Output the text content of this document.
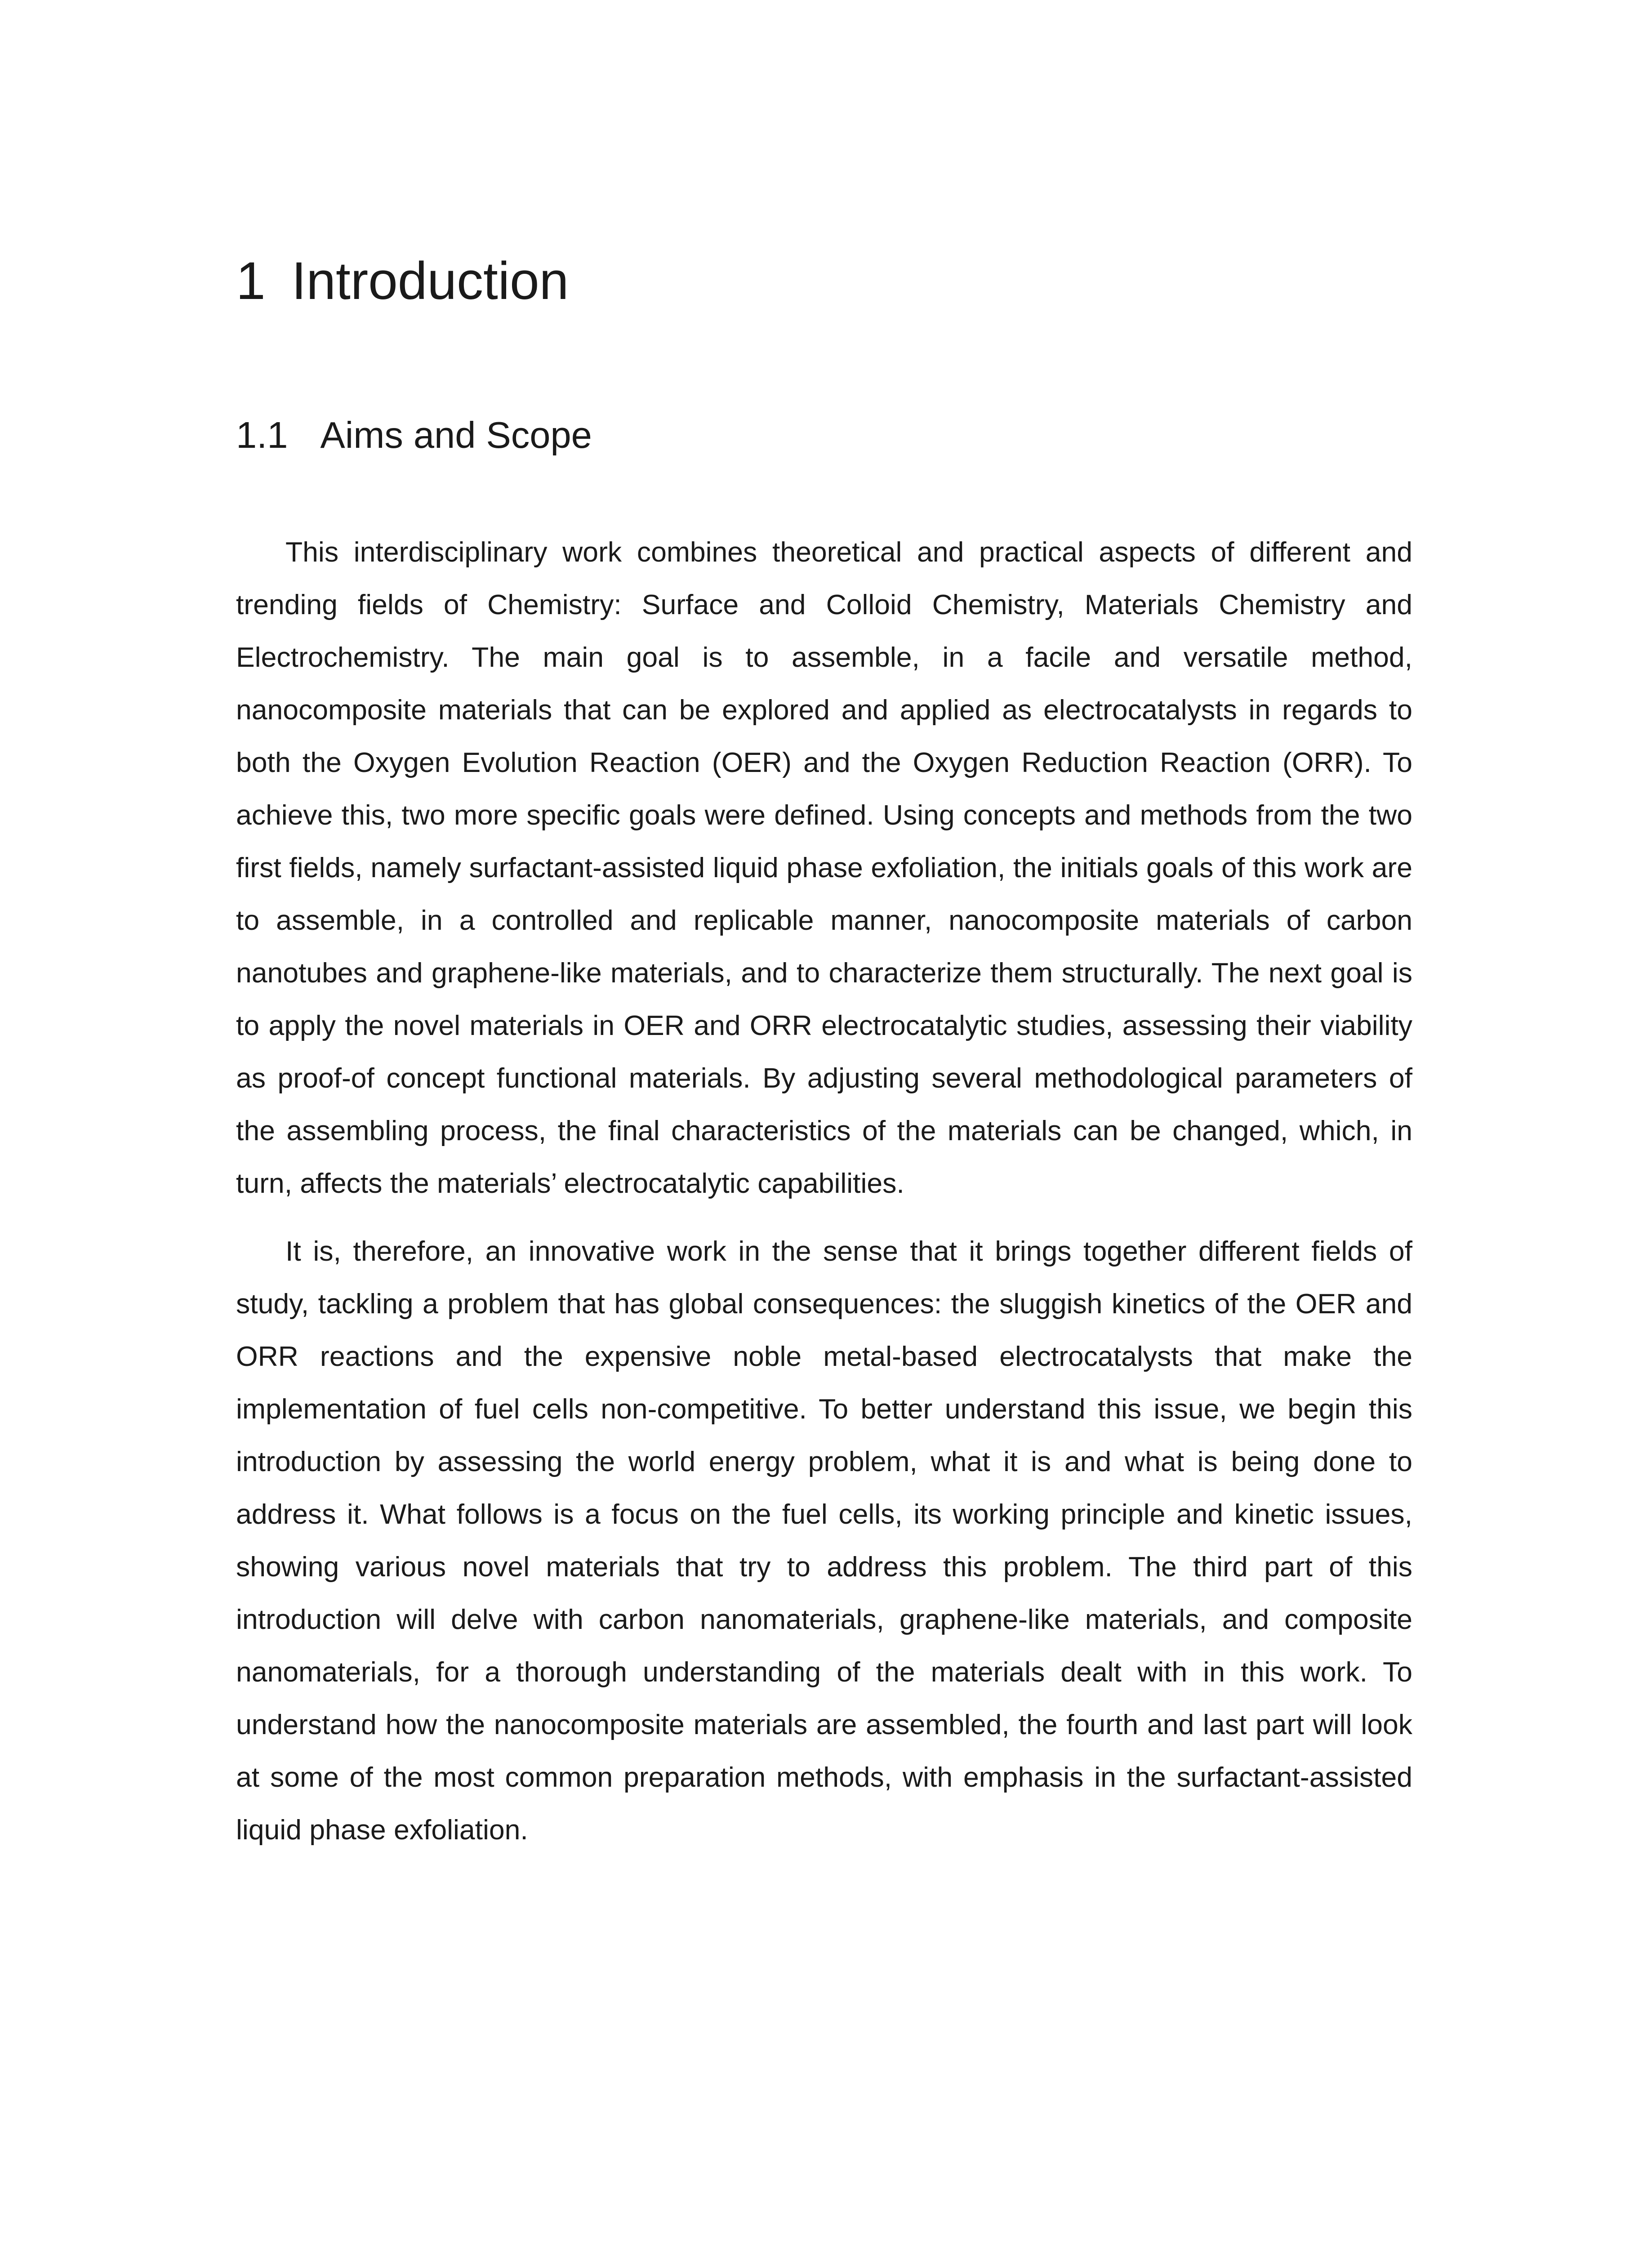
1 Introduction
1.1 Aims and Scope

This interdisciplinary work combines theoretical and practical aspects of different and trending fields of Chemistry: Surface and Colloid Chemistry, Materials Chemistry and Electrochemistry. The main goal is to assemble, in a facile and versatile method, nanocomposite materials that can be explored and applied as electrocatalysts in regards to both the Oxygen Evolution Reaction (OER) and the Oxygen Reduction Reaction (ORR). To achieve this, two more specific goals were defined. Using concepts and methods from the two first fields, namely surfactant-assisted liquid phase exfoliation, the initials goals of this work are to assemble, in a controlled and replicable manner, nanocomposite materials of carbon nanotubes and graphene-like materials, and to characterize them structurally. The next goal is to apply the novel materials in OER and ORR electrocatalytic studies, assessing their viability as proof-of concept functional materials. By adjusting several methodological parameters of the assembling process, the final characteristics of the materials can be changed, which, in turn, affects the materials’ electrocatalytic capabilities.

It is, therefore, an innovative work in the sense that it brings together different fields of study, tackling a problem that has global consequences: the sluggish kinetics of the OER and ORR reactions and the expensive noble metal-based electrocatalysts that make the implementation of fuel cells non-competitive. To better understand this issue, we begin this introduction by assessing the world energy problem, what it is and what is being done to address it. What follows is a focus on the fuel cells, its working principle and kinetic issues, showing various novel materials that try to address this problem. The third part of this introduction will delve with carbon nanomaterials, graphene-like materials, and composite nanomaterials, for a thorough understanding of the materials dealt with in this work. To understand how the nanocomposite materials are assembled, the fourth and last part will look at some of the most common preparation methods, with emphasis in the surfactant-assisted liquid phase exfoliation.
